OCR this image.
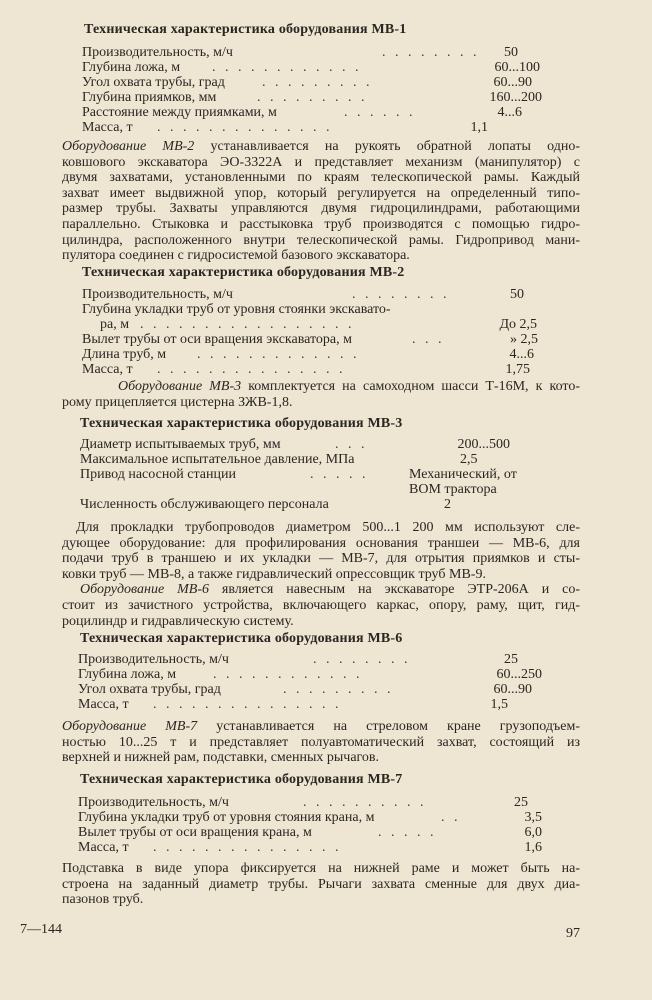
Техническая характеристика оборудования МВ-1
Производительность, м/ч	. . . . . . . .	50
Глубина ложа, м . . . . . . . . . . . .	60...100
Угол охвата трубы, град	. . . . . . . . .	60...90
Глубина приямков, мм	. . . . . . . . .	160...200
Расстояние между приямками, м	. . . . . .	4...6
Масса, т . . . . . . . . . . . . . .	1,1
Оборудование МВ-2 устанавливается на рукоять обратной лопаты одно-
ковшового экскаватора ЭО-3322А и представляет механизм (манипулятор) с
двумя захватами, установленными по краям телескопической рамы. Каждый
захват имеет выдвижной упор, который регулируется на определенный типо-
размер трубы. Захваты управляются двумя гидроцилиндрами, работающими
параллельно. Стыковка и расстыковка труб производятся с помощью гидро-
цилиндра, расположенного внутри телескопической рамы. Гидропривод мани-
пулятора соединен с гидросистемой базового экскаватора.
Техническая характеристика оборудования МВ-2
Производительность, м/ч	. . . . . . . .	50
Глубина укладки труб от уровня стоянки экскавато-
ра, м . . . . . . . . . . . . . . . . .	До 2,5
Вылет трубы от оси вращения экскаватора, м	. . .	» 2,5
Длина труб, м . . . . . . . . . . . . .	4...6
Масса, т . . . . . . . . . . . . . . .	1,75
Оборудование МВ-3 комплектуется на самоходном шасси Т-16М, к кото-
рому прицепляется цистерна ЗЖВ-1,8.
Техническая характеристика оборудования МВ-3
Диаметр испытываемых труб, мм	. . .	200...500
Максимальное испытательное давление, МПа	2,5
Привод насосной станции	. . . . .	Механический, от
ВОМ трактора
Численность обслуживающего персонала	2
Для прокладки трубопроводов диаметром 500...1 200 мм используют сле-
дующее оборудование: для профилирования основания траншеи — МВ-6, для
подачи труб в траншею и их укладки — МВ-7, для отрытия приямков и сты-
ковки труб — МВ-8, а также гидравлический опрессовщик труб МВ-9.
Оборудование МВ-6 является навесным на экскаваторе ЭТР-206А и со-
стоит из зачистного устройства, включающего каркас, опору, раму, щит, гид-
роцилиндр и гидравлическую систему.
Техническая характеристика оборудования МВ-6
Производительность, м/ч	. . . . . . . .	25
Глубина ложа, м	. . . . . . . . . . . .	60...250
Угол охвата трубы, град	. . . . . . . . .	60...90
Масса, т . . . . . . . . . . . . . . .	1,5
Оборудование МВ-7 устанавливается на стреловом кране грузоподъем-
ностью 10...25 т и представляет полуавтоматический захват, состоящий из
верхней и нижней рам, подставки, сменных рычагов.
Техническая характеристика оборудования МВ-7
Производительность, м/ч	. . . . . . . . . .	25
Глубина укладки труб от уровня стояния крана, м	. .	3,5
Вылет трубы от оси вращения крана, м	. . . . .	6,0
Масса, т . . . . . . . . . . . . . . .	1,6
Подставка в виде упора фиксируется на нижней раме и может быть на-
строена на заданный диаметр трубы. Рычаги захвата сменные для двух диа-
пазонов труб.
7—144	97
